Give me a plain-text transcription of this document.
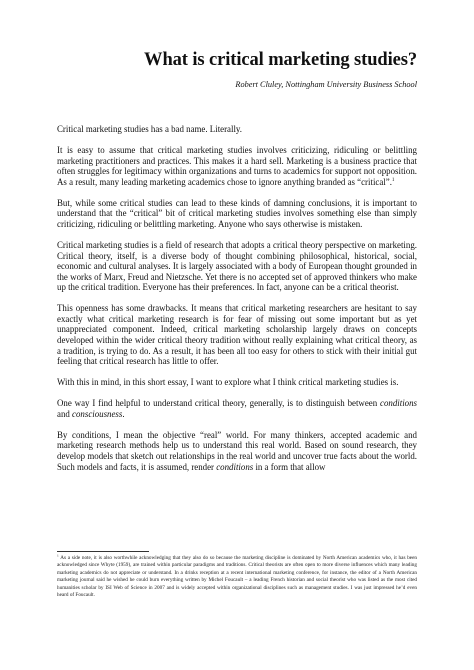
What is critical marketing studies?
Robert Cluley, Nottingham University Business School

Critical marketing studies has a bad name. Literally.

It is easy to assume that critical marketing studies involves criticizing, ridiculing or belittling marketing practitioners and practices. This makes it a hard sell. Marketing is a business practice that often struggles for legitimacy within organizations and turns to academics for support not opposition. As a result, many leading marketing academics chose to ignore anything branded as “critical”.$^1$

But, while some critical studies can lead to these kinds of damning conclusions, it is important to understand that the “critical” bit of critical marketing studies involves something else than simply criticizing, ridiculing or belittling marketing. Anyone who says otherwise is mistaken.

Critical marketing studies is a field of research that adopts a critical theory perspective on marketing. Critical theory, itself, is a diverse body of thought combining philosophical, historical, social, economic and cultural analyses. It is largely associated with a body of European thought grounded in the works of Marx, Freud and Nietzsche. Yet there is no accepted set of approved thinkers who make up the critical tradition. Everyone has their preferences. In fact, anyone can be a critical theorist.

This openness has some drawbacks. It means that critical marketing researchers are hesitant to say exactly what critical marketing research is for fear of missing out some important but as yet unappreciated component. Indeed, critical marketing scholarship largely draws on concepts developed within the wider critical theory tradition without really explaining what critical theory, as a tradition, is trying to do. As a result, it has been all too easy for others to stick with their initial gut feeling that critical research has little to offer.

With this in mind, in this short essay, I want to explore what I think critical marketing studies is.

One way I find helpful to understand critical theory, generally, is to distinguish between conditions and consciousness.

By conditions, I mean the objective “real” world. For many thinkers, accepted academic and marketing research methods help us to understand this real world. Based on sound research, they develop models that sketch out relationships in the real world and uncover true facts about the world. Such models and facts, it is assumed, render conditions in a form that allow

$^1$ As a side note, it is also worthwhile acknowledging that they also do so because the marketing discipline is dominated by North American academics who, it has been acknowledged since Whyte (1959), are trained within particular paradigms and traditions. Critical theorists are often open to more diverse influences which many leading marketing academics do not appreciate or understand. In a drinks reception at a recent international marketing conference, for instance, the editor of a North American marketing journal said he wished he could burn everything written by Michel Foucault – a leading French historian and social theorist who was listed as the most cited humanities scholar by ISI Web of Science in 2007 and is widely accepted within organizational disciplines such as management studies. I was just impressed he’d even heard of Foucault.
